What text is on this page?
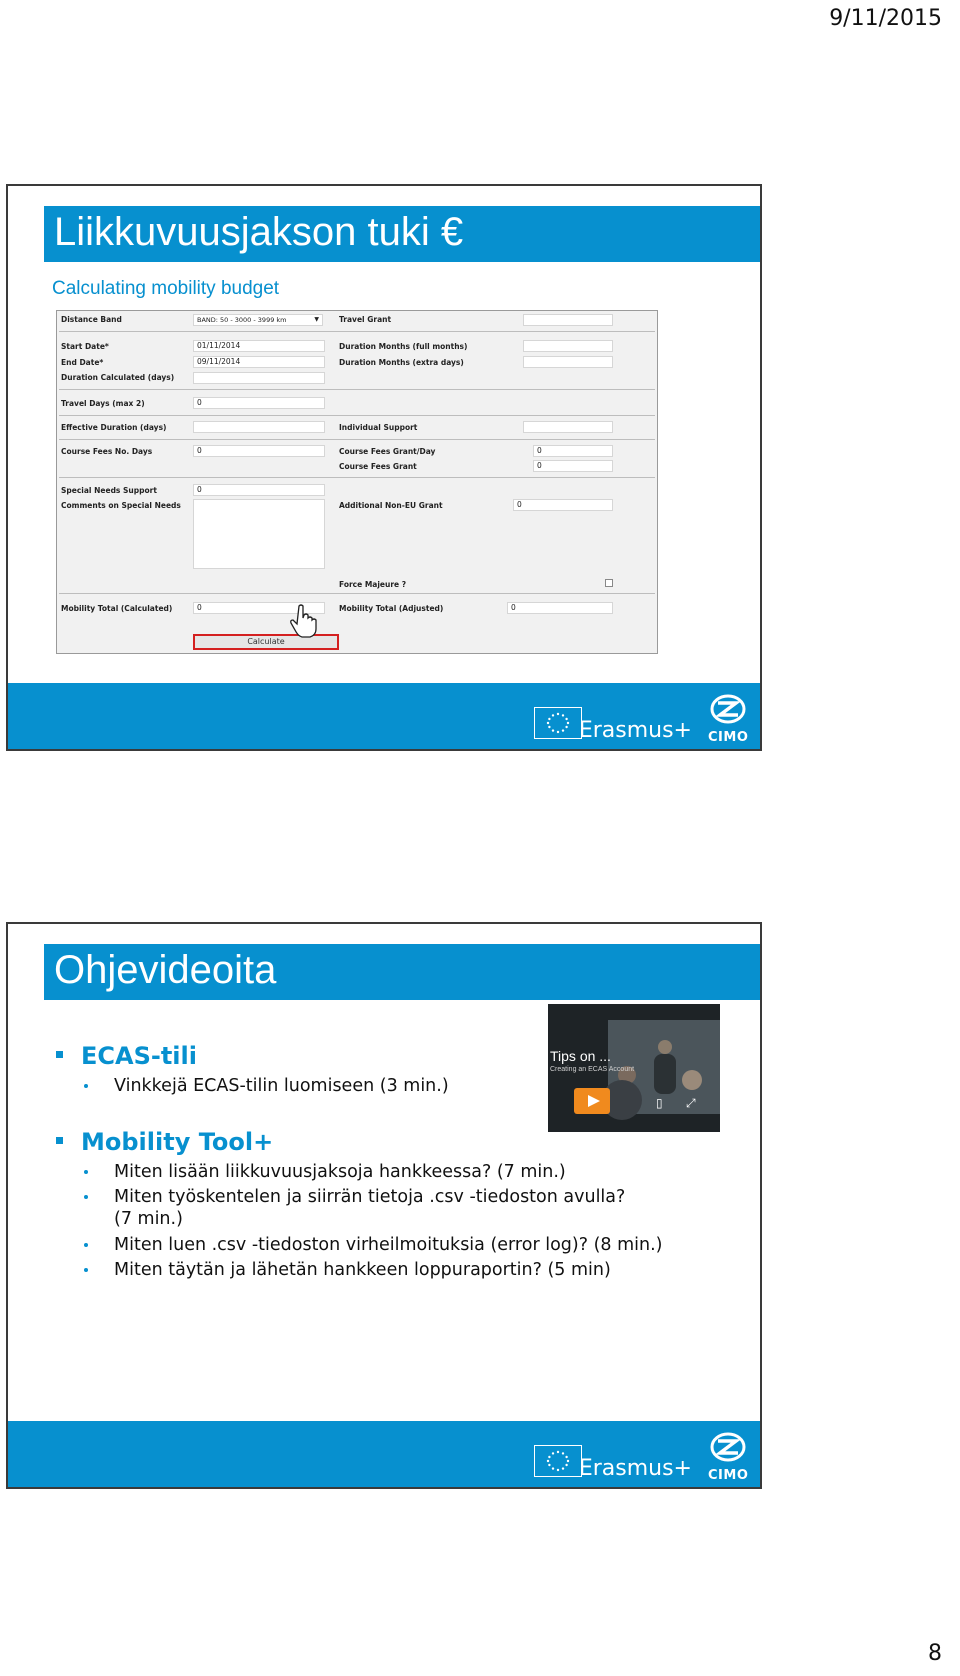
9/11/2015
Liikkuvuusjakson tuki €
Calculating mobility budget
Distance Band	BAND: 50 - 3000 - 3999 km	▼	Travel Grant
Start Date*	01/11/2014	Duration Months (full months)
End Date*	09/11/2014	Duration Months (extra days)
Duration Calculated (days)
Travel Days (max 2)	0
Effective Duration (days)	Individual Support
Course Fees No. Days	0	Course Fees Grant/Day	0
Course Fees Grant	0
Special Needs Support	0
Comments on Special Needs	Additional Non-EU Grant	0
Force Majeure ?
Mobility Total (Calculated)	0	Mobility Total (Adjusted)	0
Calculate
Erasmus+ CIMO
Ohjevideoita
Tips on ...
Creating an ECAS Account
▯ ⤢
ECAS-tili
Vinkkejä ECAS-tilin luomiseen (3 min.)
Mobility Tool+
Miten lisään liikkuvuusjaksoja hankkeessa? (7 min.)
Miten työskentelen ja siirrän tietoja .csv -tiedoston avulla?
(7 min.)
Miten luen .csv -tiedoston virheilmoituksia (error log)? (8 min.)
Miten täytän ja lähetän hankkeen loppuraportin? (5 min)
Erasmus+ CIMO
8
